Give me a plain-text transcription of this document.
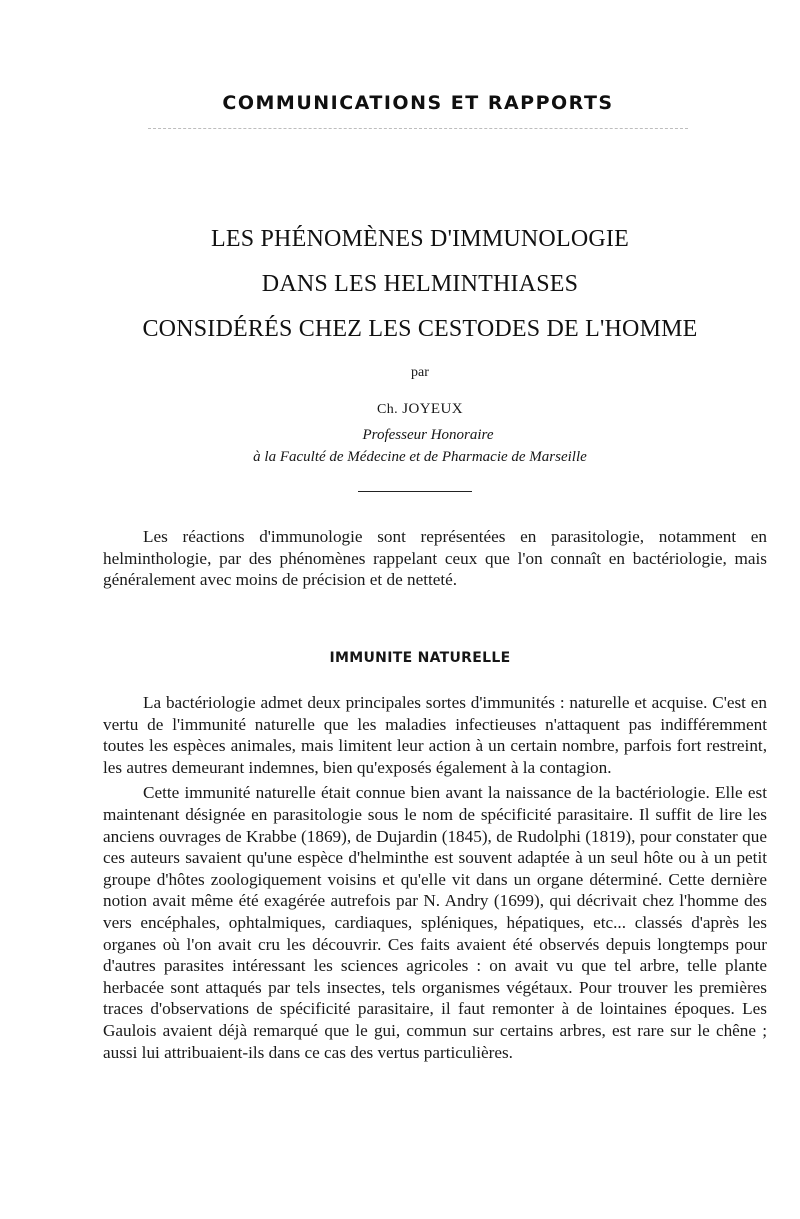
COMMUNICATIONS ET RAPPORTS
LES PHÉNOMÈNES D'IMMUNOLOGIE
DANS LES HELMINTHIASES
CONSIDÉRÉS CHEZ LES CESTODES DE L'HOMME
par
Ch. JOYEUX
Professeur Honoraire
à la Faculté de Médecine et de Pharmacie de Marseille

Les réactions d'immunologie sont représentées en parasitologie, notamment en helminthologie, par des phénomènes rappelant ceux que l'on connaît en bactériologie, mais généralement avec moins de précision et de netteté.

IMMUNITE NATURELLE

La bactériologie admet deux principales sortes d'immunités : naturelle et acquise. C'est en vertu de l'immunité naturelle que les maladies infectieuses n'attaquent pas indifféremment toutes les espèces animales, mais limitent leur action à un certain nombre, parfois fort restreint, les autres demeurant indemnes, bien qu'exposés également à la contagion.

Cette immunité naturelle était connue bien avant la naissance de la bactériologie. Elle est maintenant désignée en parasitologie sous le nom de spécificité parasitaire. Il suffit de lire les anciens ouvrages de Krabbe (1869), de Dujardin (1845), de Rudolphi (1819), pour constater que ces auteurs savaient qu'une espèce d'helminthe est souvent adaptée à un seul hôte ou à un petit groupe d'hôtes zoologiquement voisins et qu'elle vit dans un organe déterminé. Cette dernière notion avait même été exagérée autrefois par N. Andry (1699), qui décrivait chez l'homme des vers encéphales, ophtalmiques, cardiaques, spléniques, hépatiques, etc... classés d'après les organes où l'on avait cru les découvrir. Ces faits avaient été observés depuis longtemps pour d'autres parasites intéressant les sciences agricoles : on avait vu que tel arbre, telle plante herbacée sont attaqués par tels insectes, tels organismes végétaux. Pour trouver les premières traces d'observations de spécificité parasitaire, il faut remonter à de lointaines époques. Les Gaulois avaient déjà remarqué que le gui, commun sur certains arbres, est rare sur le chêne ; aussi lui attribuaient-ils dans ce cas des vertus particulières.
